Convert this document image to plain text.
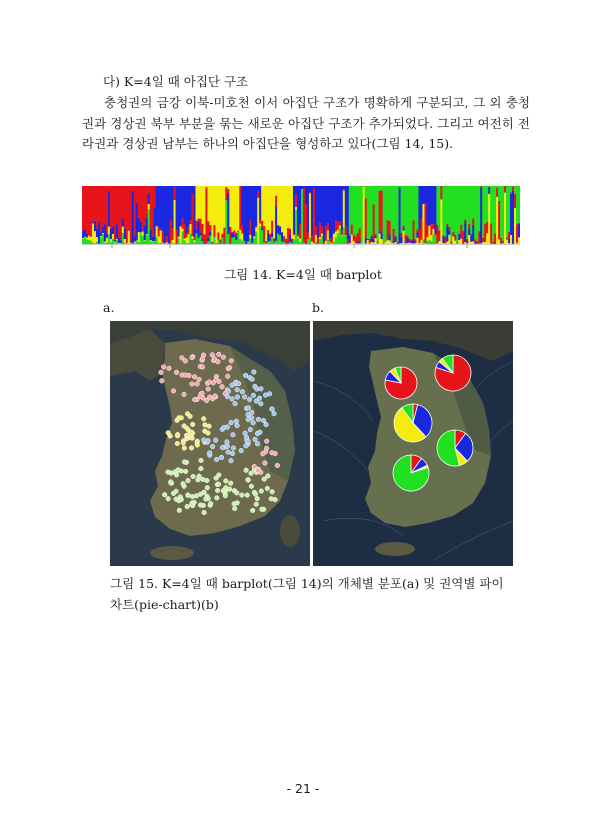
다) K=4일 때 아집단 구조

충청권의 금강 이북-미호천 이서 아집단 구조가 명확하게 구분되고, 그 외 충청권과 경상권 북부 부분을 묶는 새로운 아집단 구조가 추가되었다. 그리고 여전히 전라권과 경상권 남부는 하나의 아집단을 형성하고 있다(그림 14, 15).

그림 14. K=4일 때 barplot
a.	b.

그림 15. K=4일 때 barplot(그림 14)의 개체별 분포(a) 및 권역별 파이 차트(pie-chart)(b)

- 21 -
